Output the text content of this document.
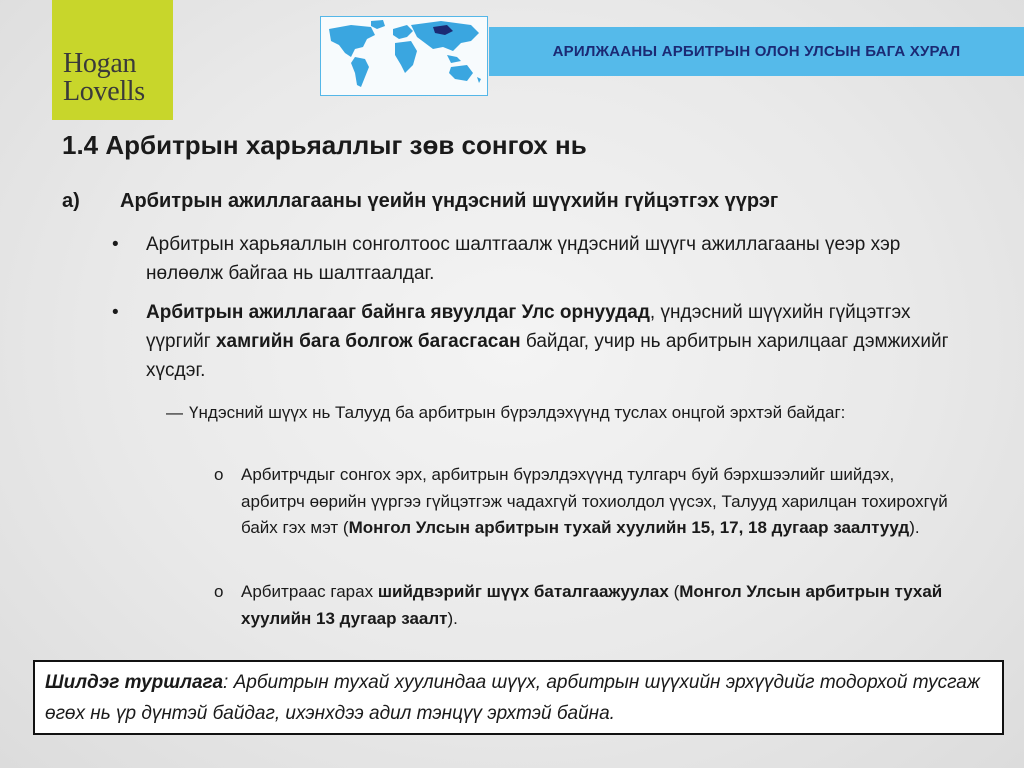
Hogan
Lovells
АРИЛЖААНЫ АРБИТРЫН ОЛОН УЛСЫН БАГА ХУРАЛ
1.4 Арбитрын харьяаллыг зөв сонгох нь
a) Арбитрын ажиллагааны үеийн үндэсний шүүхийн гүйцэтгэх үүрэг
• Арбитрын харьяаллын сонголтоос шалтгаалж үндэсний шүүгч ажиллагааны үеэр хэр нөлөөлж байгаа нь шалтгаалдаг.
• Арбитрын ажиллагааг байнга явуулдаг Улс орнуудад, үндэсний шүүхийн гүйцэтгэх үүргийг хамгийн бага болгож багасгасан байдаг, учир нь арбитрын харилцааг дэмжихийг хүсдэг.
— Үндэсний шүүх нь Талууд ба арбитрын бүрэлдэхүүнд туслах онцгой эрхтэй байдаг:
o Арбитрчдыг сонгох эрх, арбитрын бүрэлдэхүүнд тулгарч буй бэрхшээлийг шийдэх, арбитрч өөрийн үүргээ гүйцэтгэж чадахгүй тохиолдол үүсэх, Талууд харилцан тохирохгүй байх гэх мэт (Монгол Улсын арбитрын тухай хуулийн 15, 17, 18 дугаар заалтууд).
o Арбитраас гарах шийдвэрийг шүүх баталгаажуулах (Монгол Улсын арбитрын тухай хуулийн 13 дугаар заалт).
Шилдэг туршлага: Арбитрын тухай хуулиндаа шүүх, арбитрын шүүхийн эрхүүдийг тодорхой тусгаж өгөх нь үр дүнтэй байдаг, ихэнхдээ адил тэнцүү эрхтэй байна.
